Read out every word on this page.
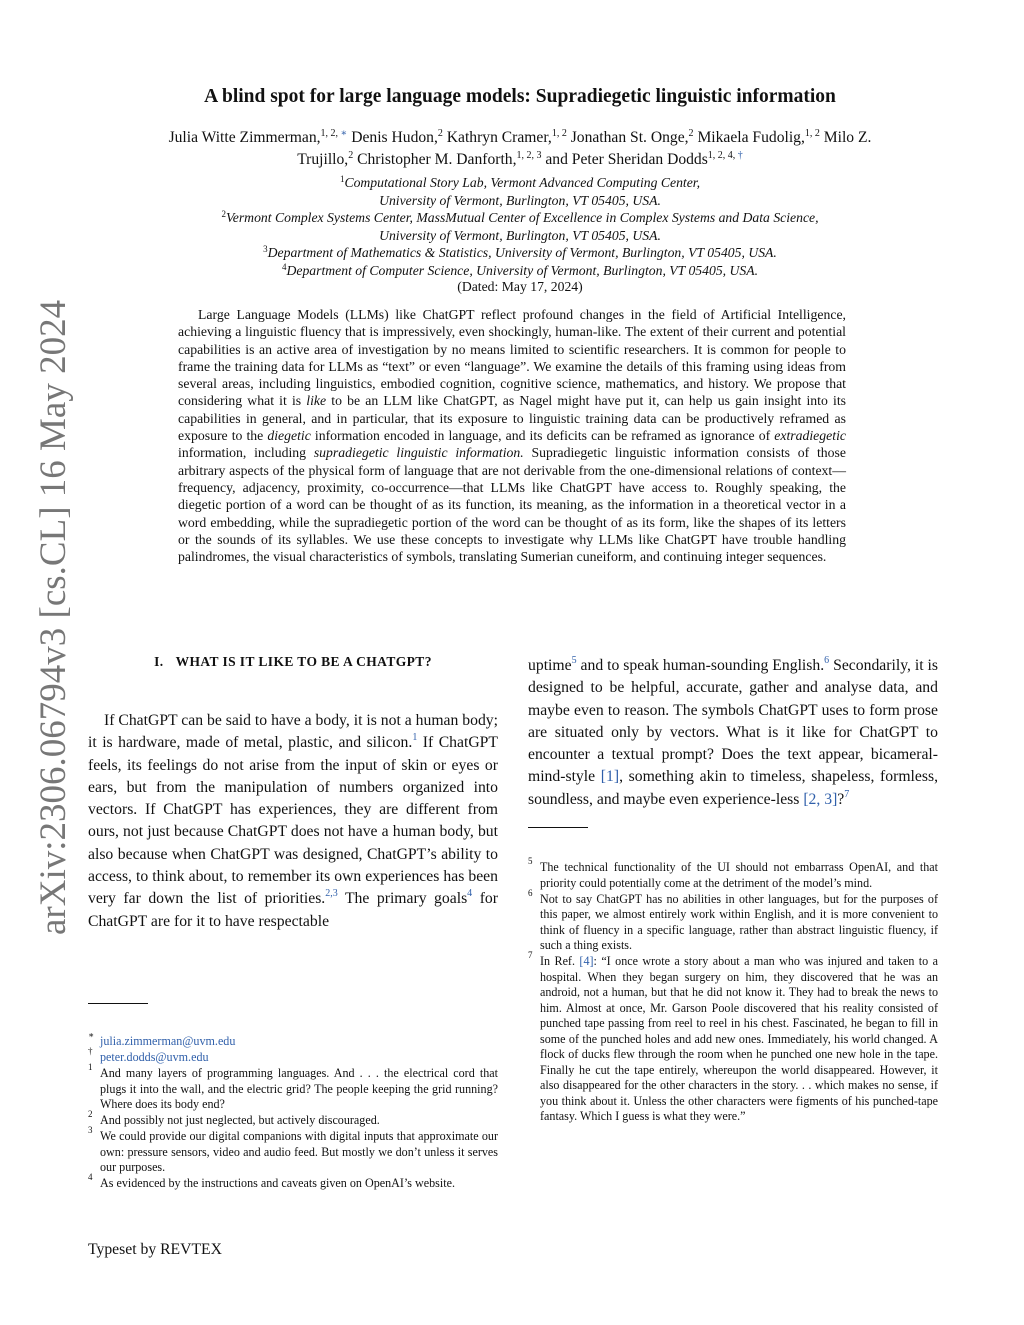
arXiv:2306.06794v3 [cs.CL] 16 May 2024
A blind spot for large language models: Supradiegetic linguistic information
Julia Witte Zimmerman,$^{1, 2,}$ ∗ Denis Hudon,$^2$ Kathryn Cramer,$^{1, 2}$ Jonathan St. Onge,$^2$ Mikaela Fudolig,$^{1, 2}$ Milo Z. Trujillo,$^2$ Christopher M. Danforth,$^{1, 2, 3}$ and Peter Sheridan Dodds$^{1, 2, 4,}$ †
$^1$Computational Story Lab, Vermont Advanced Computing Center,
University of Vermont, Burlington, VT 05405, USA.
$^2$Vermont Complex Systems Center, MassMutual Center of Excellence in Complex Systems and Data Science,
University of Vermont, Burlington, VT 05405, USA.
$^3$Department of Mathematics & Statistics, University of Vermont, Burlington, VT 05405, USA.
$^4$Department of Computer Science, University of Vermont, Burlington, VT 05405, USA.
(Dated: May 17, 2024)

Large Language Models (LLMs) like ChatGPT reflect profound changes in the field of Artificial Intelligence, achieving a linguistic fluency that is impressively, even shockingly, human-like. The extent of their current and potential capabilities is an active area of investigation by no means limited to scientific researchers. It is common for people to frame the training data for LLMs as “text” or even “language”. We examine the details of this framing using ideas from several areas, including linguistics, embodied cognition, cognitive science, mathematics, and history. We propose that considering what it is like to be an LLM like ChatGPT, as Nagel might have put it, can help us gain insight into its capabilities in general, and in particular, that its exposure to linguistic training data can be productively reframed as exposure to the diegetic information encoded in language, and its deficits can be reframed as ignorance of extradiegetic information, including supradiegetic linguistic information. Supradiegetic linguistic information consists of those arbitrary aspects of the physical form of language that are not derivable from the one-dimensional relations of context—frequency, adjacency, proximity, co-occurrence—that LLMs like ChatGPT have access to. Roughly speaking, the diegetic portion of a word can be thought of as its function, its meaning, as the information in a theoretical vector in a word embedding, while the supradiegetic portion of the word can be thought of as its form, like the shapes of its letters or the sounds of its syllables. We use these concepts to investigate why LLMs like ChatGPT have trouble handling palindromes, the visual characteristics of symbols, translating Sumerian cuneiform, and continuing integer sequences.

I. WHAT IS IT LIKE TO BE A CHATGPT?

If ChatGPT can be said to have a body, it is not a human body; it is hardware, made of metal, plastic, and silicon.$^1$ If ChatGPT feels, its feelings do not arise from the input of skin or eyes or ears, but from the manipulation of numbers organized into vectors. If ChatGPT has experiences, they are different from ours, not just because ChatGPT does not have a human body, but also because when ChatGPT was designed, ChatGPT’s ability to access, to think about, to remember its own experiences has been very far down the list of priorities.$^{2,3}$ The primary goals$^4$ for ChatGPT are for it to have respectable

uptime$^5$ and to speak human-sounding English.$^6$ Secondarily, it is designed to be helpful, accurate, gather and analyse data, and maybe even to reason. The symbols ChatGPT uses to form prose are situated only by vectors. What is it like for ChatGPT to encounter a textual prompt? Does the text appear, bicameral-mind-style [1], something akin to timeless, shapeless, formless, soundless, and maybe even experience-less [2, 3]?$^7$

∗ julia.zimmerman@uvm.edu
† peter.dodds@uvm.edu
1 And many layers of programming languages. And . . . the electrical cord that plugs it into the wall, and the electric grid? The people keeping the grid running? Where does its body end?
2 And possibly not just neglected, but actively discouraged.
3 We could provide our digital companions with digital inputs that approximate our own: pressure sensors, video and audio feed. But mostly we don’t unless it serves our purposes.
4 As evidenced by the instructions and caveats given on OpenAI’s website.
5 The technical functionality of the UI should not embarrass OpenAI, and that priority could potentially come at the detriment of the model’s mind.
6 Not to say ChatGPT has no abilities in other languages, but for the purposes of this paper, we almost entirely work within English, and it is more convenient to think of fluency in a specific language, rather than abstract linguistic fluency, if such a thing exists.
7 In Ref. [4]: “I once wrote a story about a man who was injured and taken to a hospital. When they began surgery on him, they discovered that he was an android, not a human, but that he did not know it. They had to break the news to him. Almost at once, Mr. Garson Poole discovered that his reality consisted of punched tape passing from reel to reel in his chest. Fascinated, he began to fill in some of the punched holes and add new ones. Immediately, his world changed. A flock of ducks flew through the room when he punched one new hole in the tape. Finally he cut the tape entirely, whereupon the world disappeared. However, it also disappeared for the other characters in the story. . . which makes no sense, if you think about it. Unless the other characters were figments of his punched-tape fantasy. Which I guess is what they were.”
Typeset by REVTEX
